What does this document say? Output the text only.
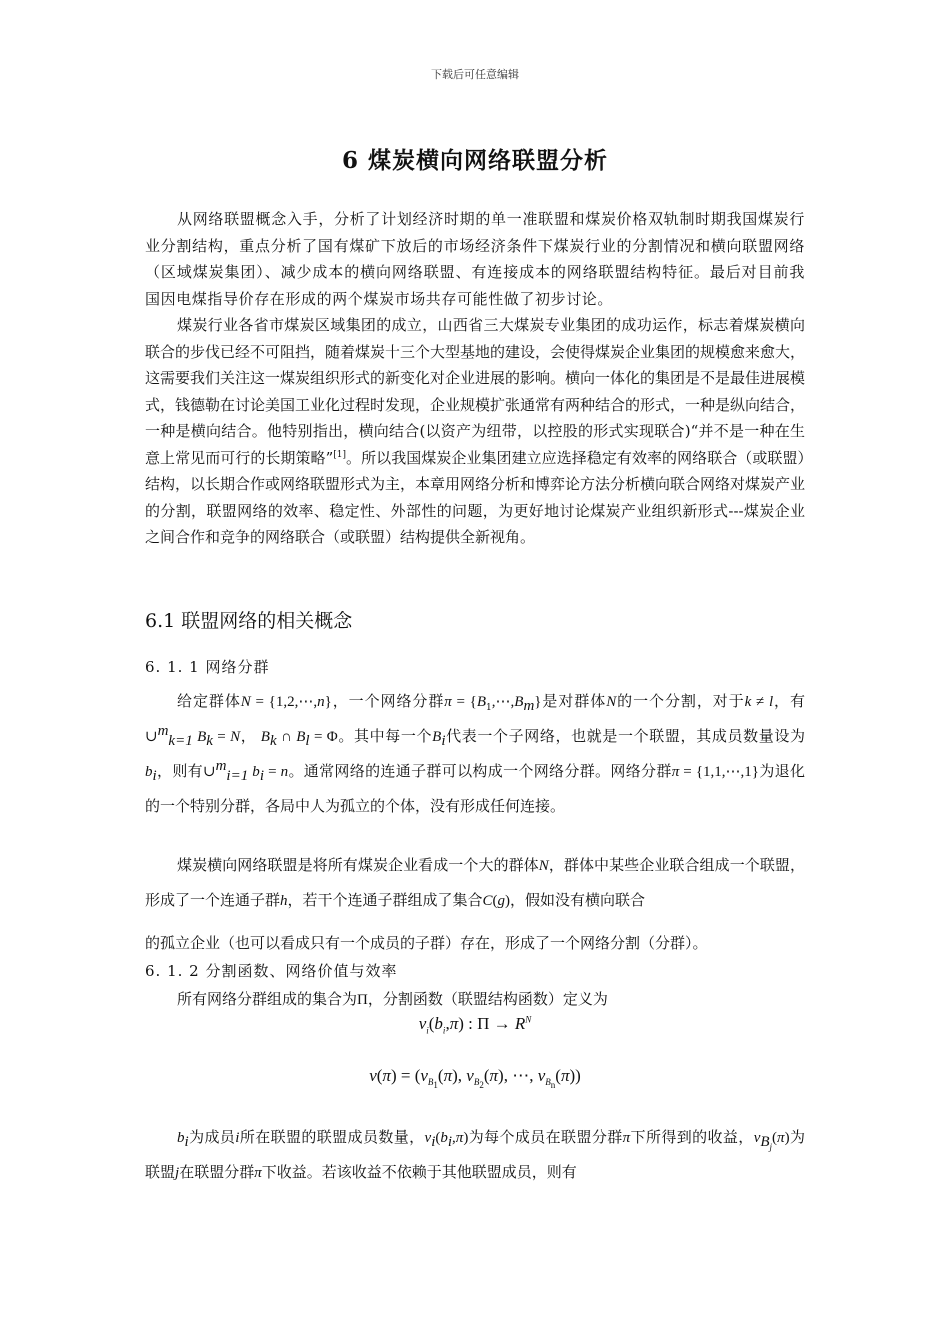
下载后可任意编辑
6 煤炭横向网络联盟分析

从网络联盟概念入手，分析了计划经济时期的单一准联盟和煤炭价格双轨制时期我国煤炭行业分割结构，重点分析了国有煤矿下放后的市场经济条件下煤炭行业的分割情况和横向联盟网络（区域煤炭集团）、减少成本的横向网络联盟、有连接成本的网络联盟结构特征。最后对目前我国因电煤指导价存在形成的两个煤炭市场共存可能性做了初步讨论。

煤炭行业各省市煤炭区域集团的成立，山西省三大煤炭专业集团的成功运作，标志着煤炭横向联合的步伐已经不可阻挡，随着煤炭十三个大型基地的建设，会使得煤炭企业集团的规模愈来愈大，这需要我们关注这一煤炭组织形式的新变化对企业进展的影响。横向一体化的集团是不是最佳进展模式，钱德勒在讨论美国工业化过程时发现，企业规模扩张通常有两种结合的形式，一种是纵向结合，一种是横向结合。他特别指出，横向结合(以资产为纽带，以控股的形式实现联合)“并不是一种在生意上常见而可行的长期策略”[1]。所以我国煤炭企业集团建立应选择稳定有效率的网络联合（或联盟）结构，以长期合作或网络联盟形式为主，本章用网络分析和博弈论方法分析横向联合网络对煤炭产业的分割，联盟网络的效率、稳定性、外部性的问题，为更好地讨论煤炭产业组织新形式---煤炭企业之间合作和竞争的网络联合（或联盟）结构提供全新视角。

6.1 联盟网络的相关概念
6. 1. 1 网络分群

给定群体N = {1,2,⋯,n}，一个网络分群$\pi = \{B_1,\cdots,B_m\}$是对群体N的一个分割，对于k ≠ l，有∪$^m_{k=1}$ $B_k = N$， $B_k$ ∩ $B_l = \Phi$。其中每一个$B_i$代表一个子网络，也就是一个联盟，其成员数量设为$b_i$，则有∪$^m_{i=1}$ $b_i = n$。通常网络的连通子群可以构成一个网络分群。网络分群π = {1,1,⋯,1}为退化的一个特别分群，各局中人为孤立的个体，没有形成任何连接。

煤炭横向网络联盟是将所有煤炭企业看成一个大的群体N，群体中某些企业联合组成一个联盟，形成了一个连通子群h，若干个连通子群组成了集合C(g)，假如没有横向联合

的孤立企业（也可以看成只有一个成员的子群）存在，形成了一个网络分割（分群）。

6. 1. 2 分割函数、网络价值与效率

所有网络分群组成的集合为Π，分割函数（联盟结构函数）定义为

$v_i(b_i,\pi)$ : $\Pi \to R^N$
$v(\pi) = (v_{B_1}(\pi)$, $v_{B_2}(\pi)$, ⋯, $v_{B_n}(\pi)$)

$b_i$为成员i所在联盟的联盟成员数量，$v_i(b_i,\pi)$为每个成员在联盟分群π下所得到的收益，$v_{B_j}(\pi)$为联盟j在联盟分群π下收益。若该收益不依赖于其他联盟成员，则有
